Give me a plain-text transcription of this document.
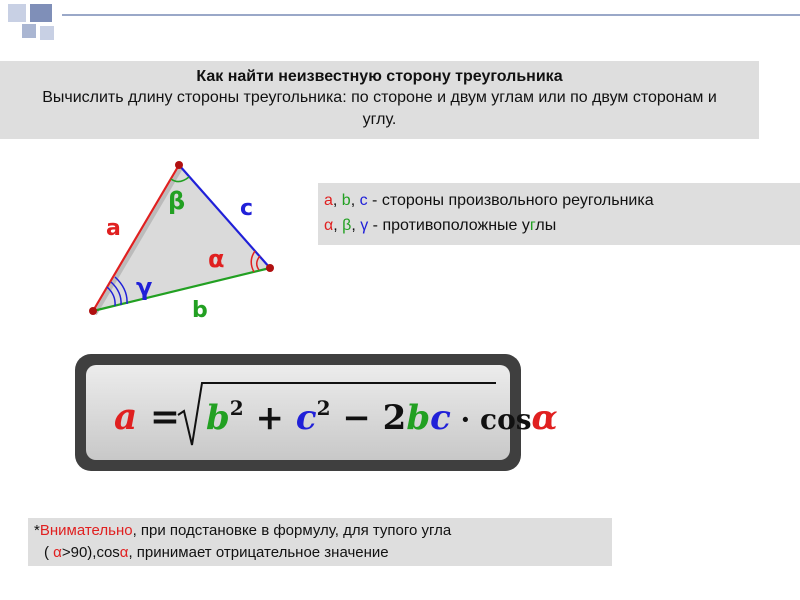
Как найти неизвестную сторону треугольника
Вычислить длину стороны треугольника: по стороне и двум углам или по двум сторонам и углу.
a
c
b
β
α
γ
a, b, c - стороны произвольного реугольника
α, β, γ - противоположные углы
$a = b^2 + c^2 - 2bc \cdot \cos\alpha$
*Внимательно, при подстановке в формулу, для тупого угла
( α>90),cosα, принимает отрицательное значение
